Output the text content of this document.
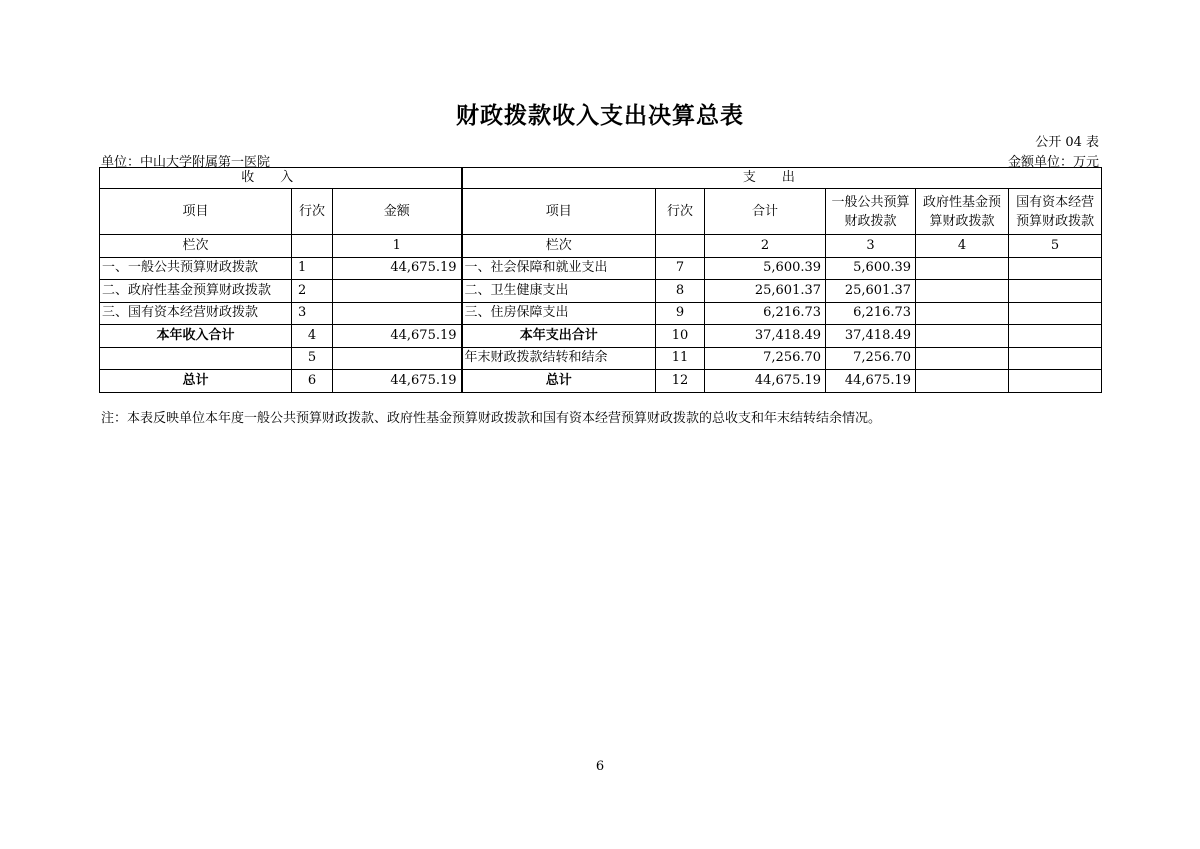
财政拨款收入支出决算总表
公开 04 表
单位：中山大学附属第一医院	金额单位：万元
收入			支出					
项目	行次	金额	项目	行次	合计	一般公共预算财政拨款	政府性基金预算财政拨款	国有资本经营预算财政拨款
栏次		1	栏次		2	3	4	5
一、一般公共预算财政拨款	1	44,675.19	一、社会保障和就业支出	7	5,600.39	5,600.39		
二、政府性基金预算财政拨款	2		二、卫生健康支出	8	25,601.37	25,601.37		
三、国有资本经营财政拨款	3		三、住房保障支出	9	6,216.73	6,216.73		
本年收入合计	4	44,675.19	本年支出合计	10	37,418.49	37,418.49		
	5		年末财政拨款结转和结余	11	7,256.70	7,256.70		
总计	6	44,675.19	总计	12	44,675.19	44,675.19		
注：本表反映单位本年度一般公共预算财政拨款、政府性基金预算财政拨款和国有资本经营预算财政拨款的总收支和年末结转结余情况。
6
